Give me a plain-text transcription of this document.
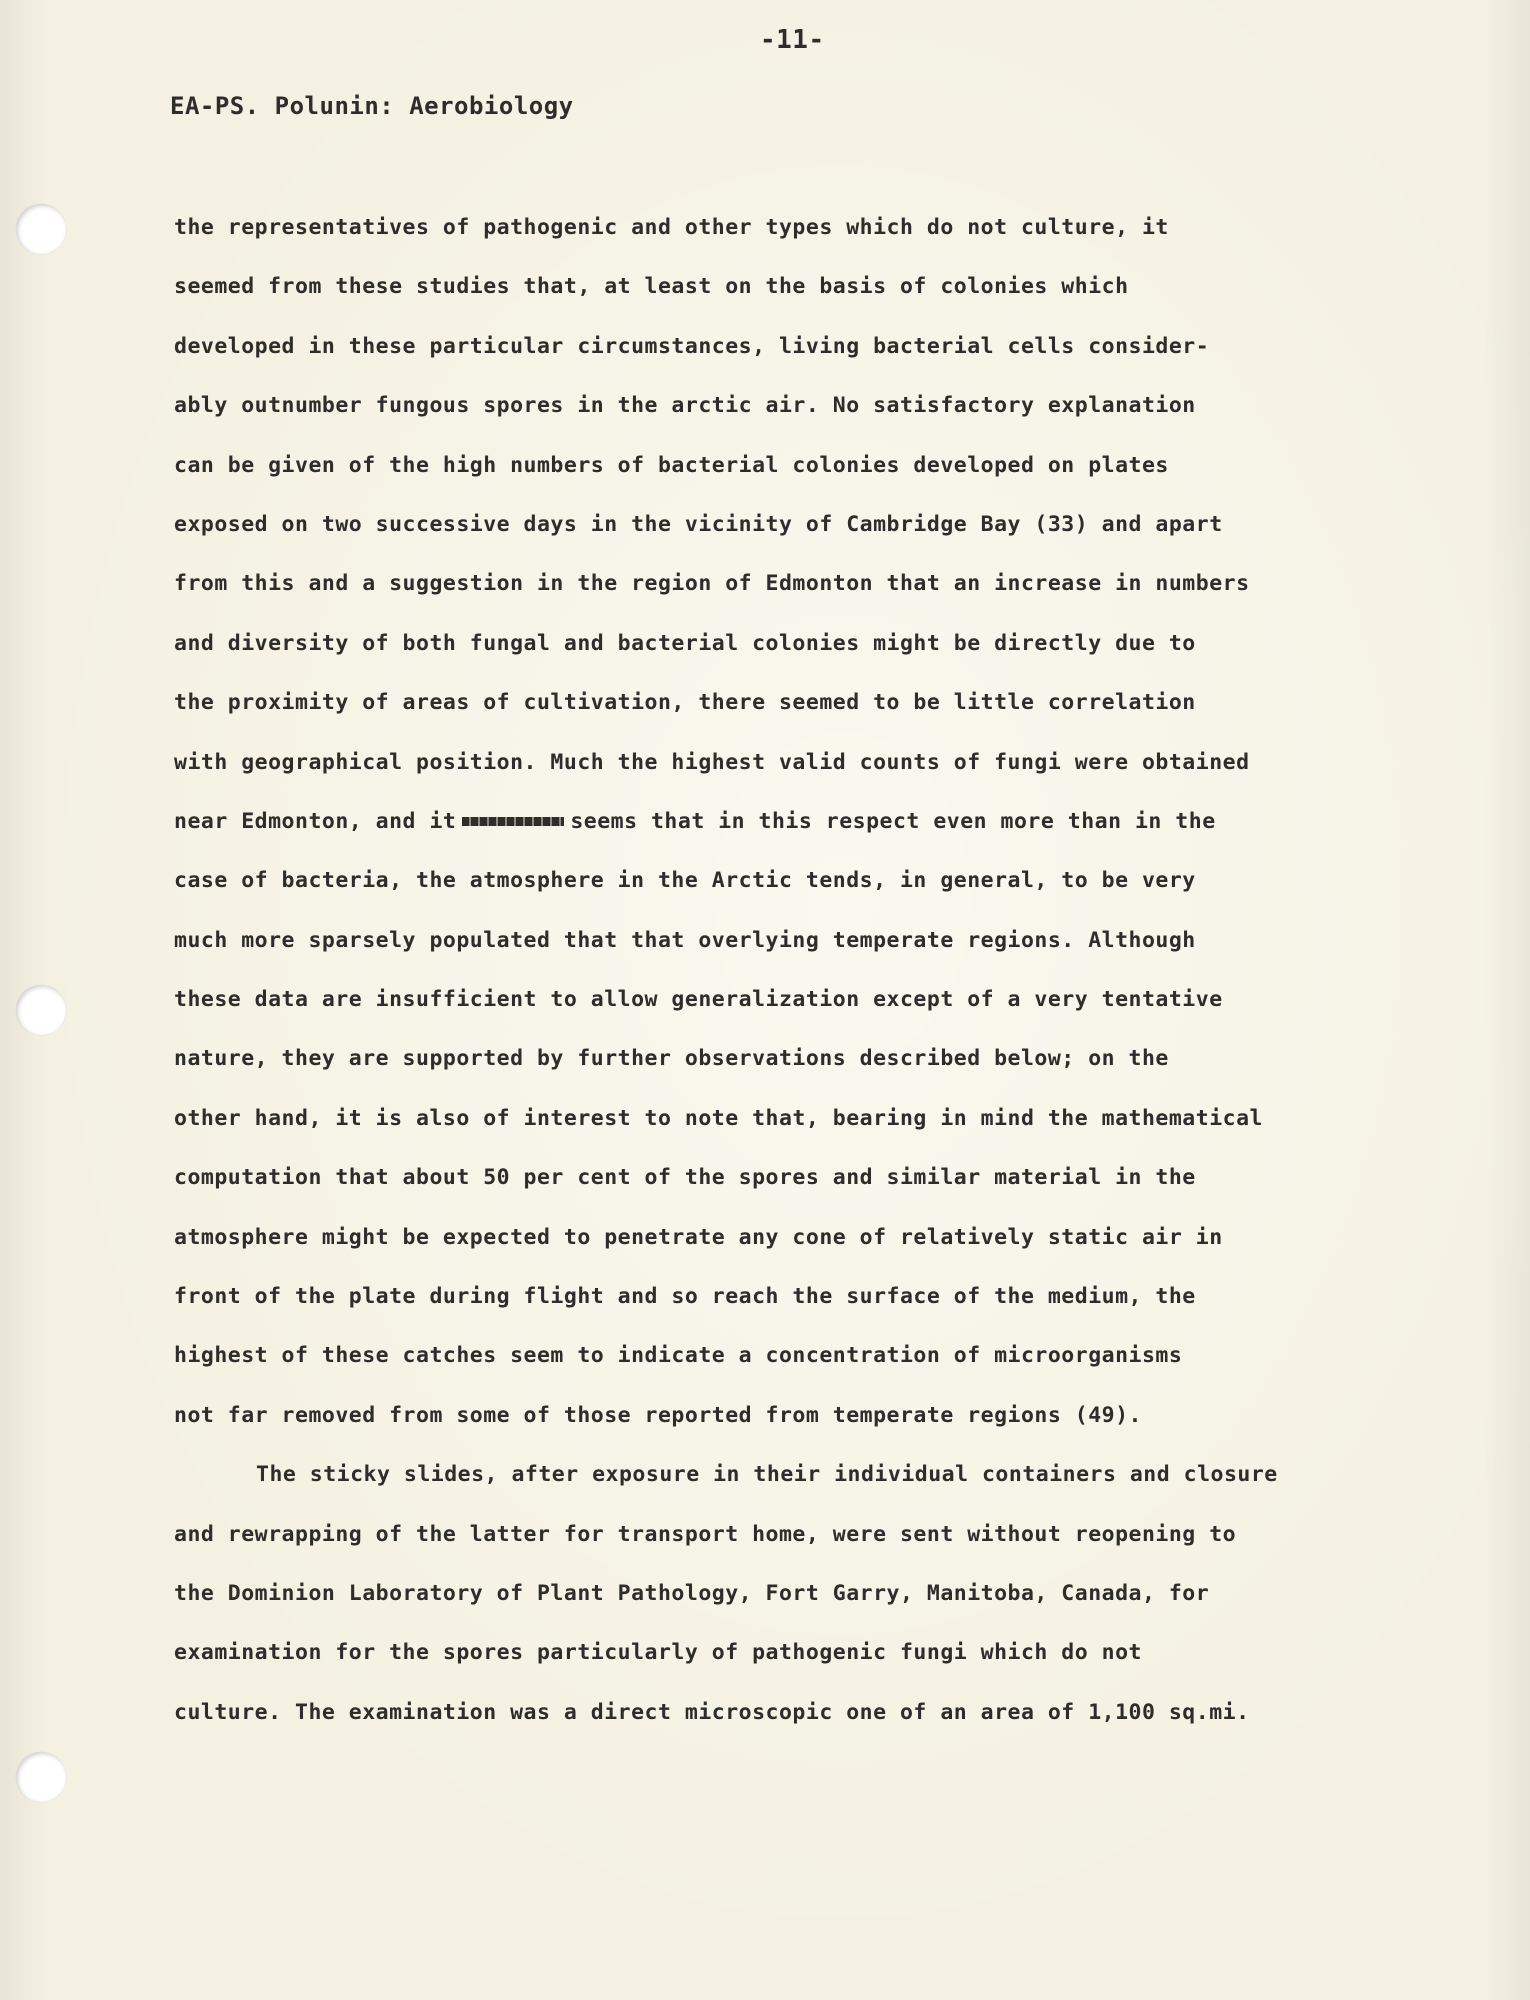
-11-
EA-PS. Polunin: Aerobiology
the representatives of pathogenic and other types which do not culture, it
seemed from these studies that, at least on the basis of colonies which
developed in these particular circumstances, living bacterial cells consider-
ably outnumber fungous spores in the arctic air. No satisfactory explanation
can be given of the high numbers of bacterial colonies developed on plates
exposed on two successive days in the vicinity of Cambridge Bay (33) and apart
from this and a suggestion in the region of Edmonton that an increase in numbers
and diversity of both fungal and bacterial colonies might be directly due to
the proximity of areas of cultivation, there seemed to be little correlation
with geographical position. Much the highest valid counts of fungi were obtained
near Edmonton, and it	seems that in this respect even more than in the
case of bacteria, the atmosphere in the Arctic tends, in general, to be very
much more sparsely populated that that overlying temperate regions. Although
these data are insufficient to allow generalization except of a very tentative
nature, they are supported by further observations described below; on the
other hand, it is also of interest to note that, bearing in mind the mathematical
computation that about 50 per cent of the spores and similar material in the
atmosphere might be expected to penetrate any cone of relatively static air in
front of the plate during flight and so reach the surface of the medium, the
highest of these catches seem to indicate a concentration of microorganisms
not far removed from some of those reported from temperate regions (49).
The sticky slides, after exposure in their individual containers and closure
and rewrapping of the latter for transport home, were sent without reopening to
the Dominion Laboratory of Plant Pathology, Fort Garry, Manitoba, Canada, for
examination for the spores particularly of pathogenic fungi which do not
culture. The examination was a direct microscopic one of an area of 1,100 sq.mi.
